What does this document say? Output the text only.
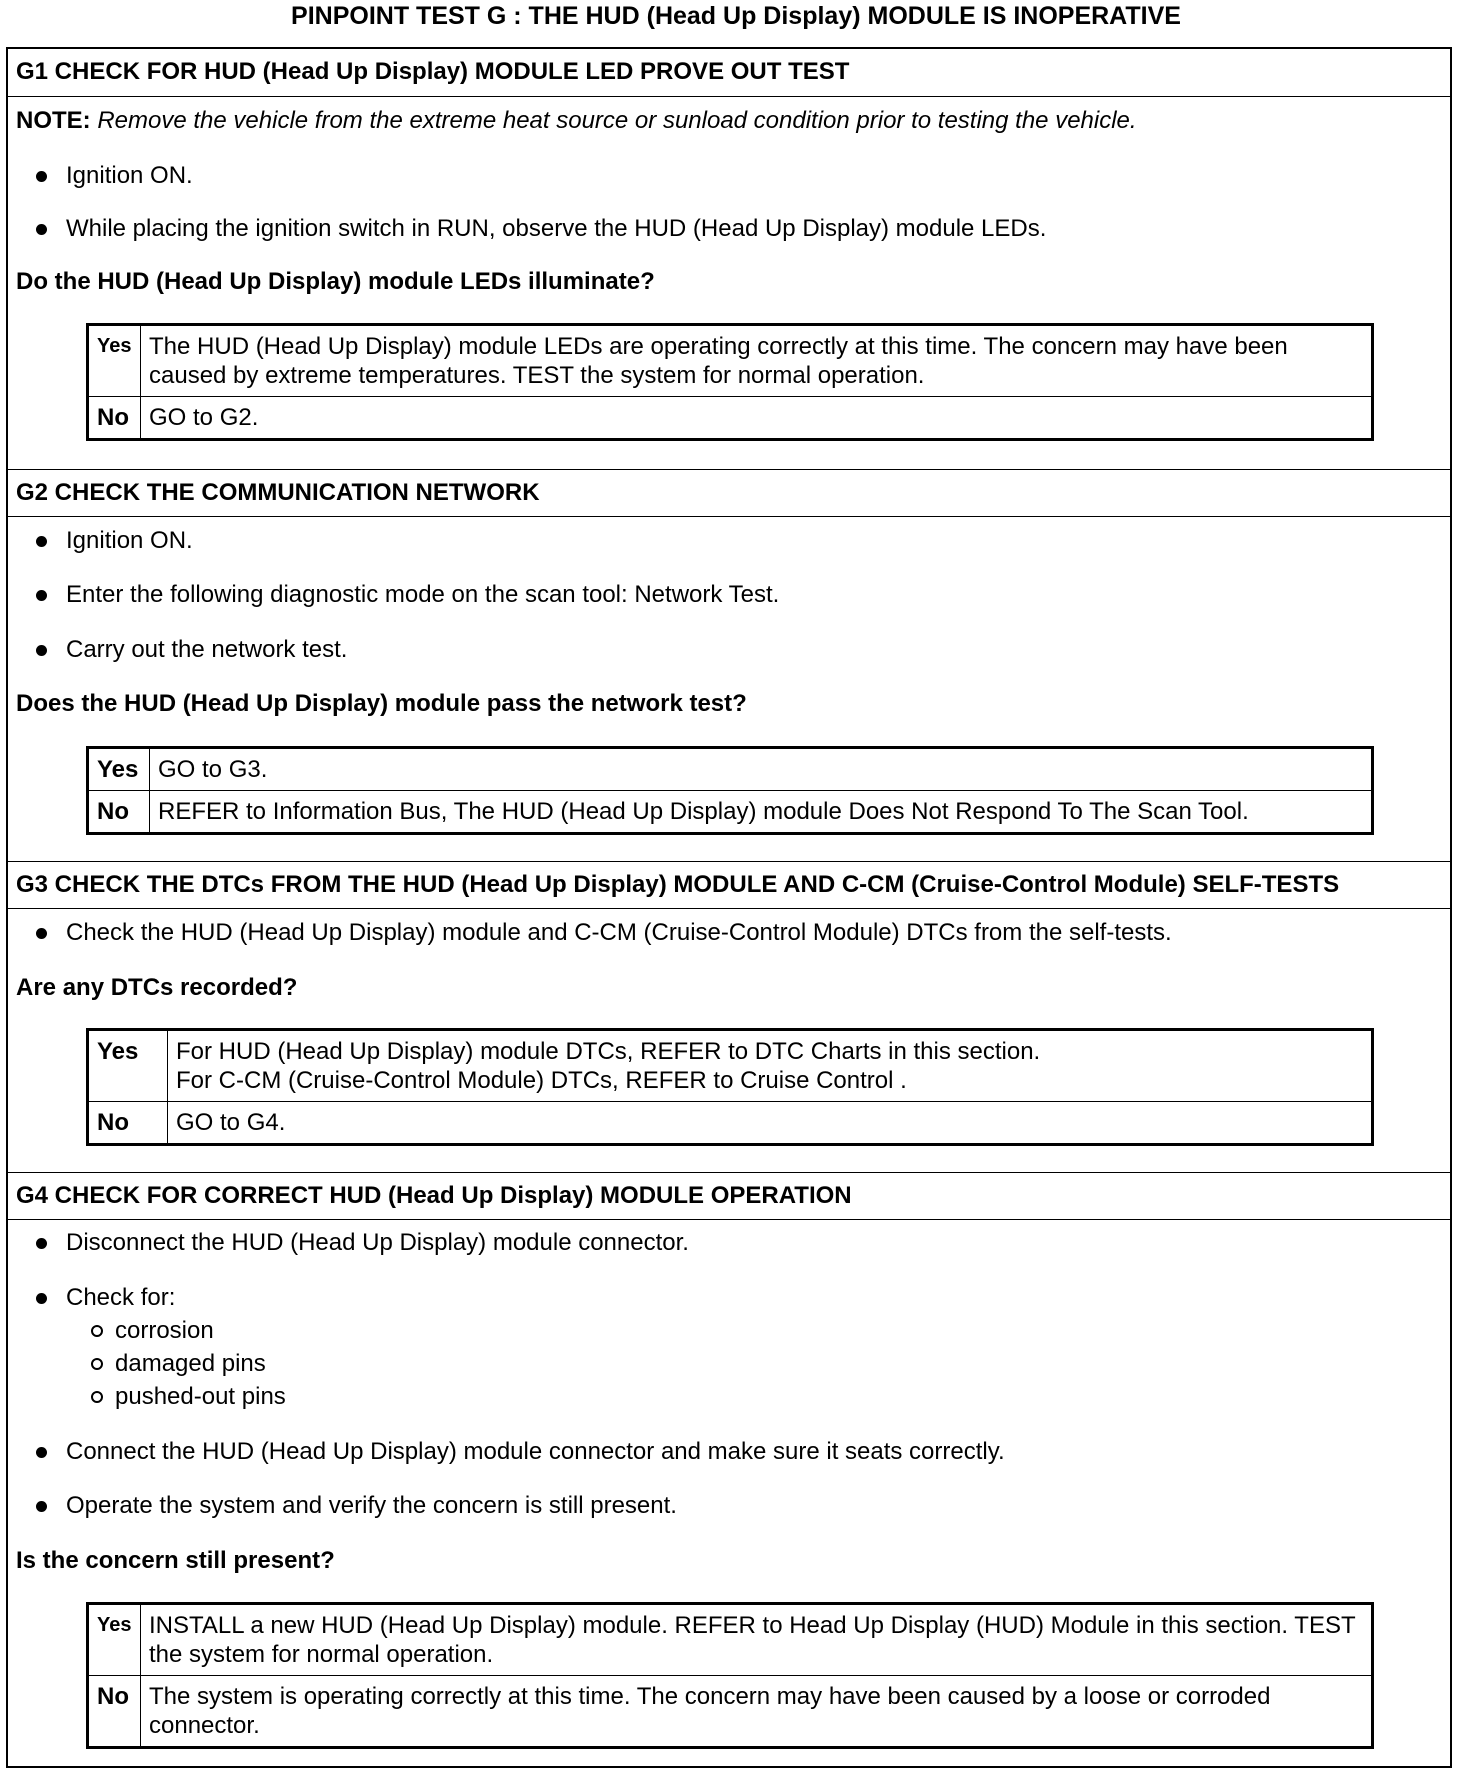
PINPOINT TEST G : THE HUD (Head Up Display) MODULE IS INOPERATIVE
G1 CHECK FOR HUD (Head Up Display) MODULE LED PROVE OUT TEST
NOTE: Remove the vehicle from the extreme heat source or sunload condition prior to testing the vehicle.
Ignition ON.
While placing the ignition switch in RUN, observe the HUD (Head Up Display) module LEDs.
Do the HUD (Head Up Display) module LEDs illuminate?
Yes	The HUD (Head Up Display) module LEDs are operating correctly at this time. The concern may have been caused by extreme temperatures. TEST the system for normal operation.
No	GO to G2.
G2 CHECK THE COMMUNICATION NETWORK
Ignition ON.
Enter the following diagnostic mode on the scan tool: Network Test.
Carry out the network test.
Does the HUD (Head Up Display) module pass the network test?
Yes	GO to G3.
No	REFER to Information Bus, The HUD (Head Up Display) module Does Not Respond To The Scan Tool.
G3 CHECK THE DTCs FROM THE HUD (Head Up Display) MODULE AND C-CM (Cruise-Control Module) SELF-TESTS
Check the HUD (Head Up Display) module and C-CM (Cruise-Control Module) DTCs from the self-tests.
Are any DTCs recorded?
Yes	For HUD (Head Up Display) module DTCs, REFER to DTC Charts in this section.
For C-CM (Cruise-Control Module) DTCs, REFER to Cruise Control .

No	GO to G4.
G4 CHECK FOR CORRECT HUD (Head Up Display) MODULE OPERATION
Disconnect the HUD (Head Up Display) module connector.
Check for:
corrosion
damaged pins
pushed-out pins
Connect the HUD (Head Up Display) module connector and make sure it seats correctly.
Operate the system and verify the concern is still present.
Is the concern still present?
Yes	INSTALL a new HUD (Head Up Display) module. REFER to Head Up Display (HUD) Module in this section. TEST the system for normal operation.
No	The system is operating correctly at this time. The concern may have been caused by a loose or corroded connector.
